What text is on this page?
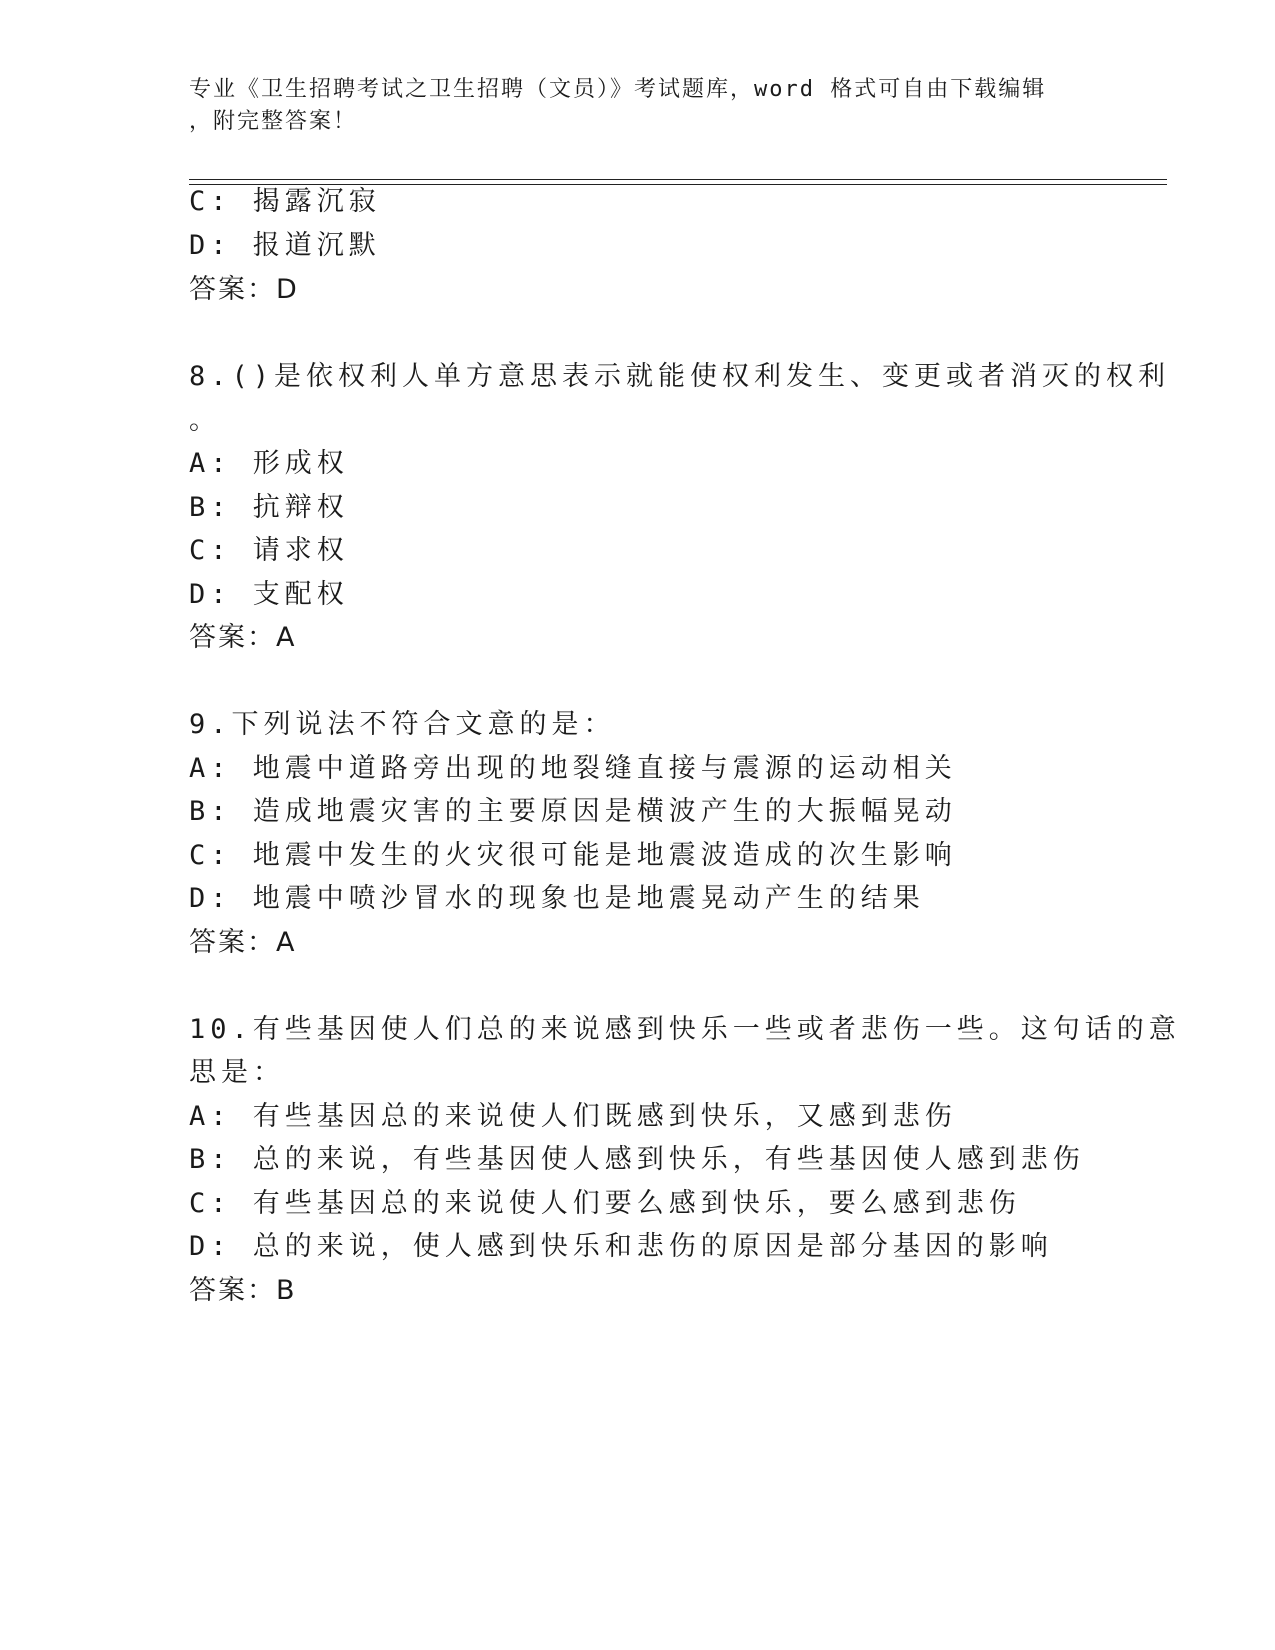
专业《卫生招聘考试之卫生招聘（文员）》考试题库，word 格式可自由下载编辑
，附完整答案！
C: 揭露沉寂
D: 报道沉默
答案：D
8.()是依权利人单方意思表示就能使权利发生、变更或者消灭的权利
。
A: 形成权
B: 抗辩权
C: 请求权
D: 支配权
答案：A
9.下列说法不符合文意的是：
A: 地震中道路旁出现的地裂缝直接与震源的运动相关
B: 造成地震灾害的主要原因是横波产生的大振幅晃动
C: 地震中发生的火灾很可能是地震波造成的次生影响
D: 地震中喷沙冒水的现象也是地震晃动产生的结果
答案：A
10.有些基因使人们总的来说感到快乐一些或者悲伤一些。这句话的意
思是：
A: 有些基因总的来说使人们既感到快乐，又感到悲伤
B: 总的来说，有些基因使人感到快乐，有些基因使人感到悲伤
C: 有些基因总的来说使人们要么感到快乐，要么感到悲伤
D: 总的来说，使人感到快乐和悲伤的原因是部分基因的影响
答案：B
